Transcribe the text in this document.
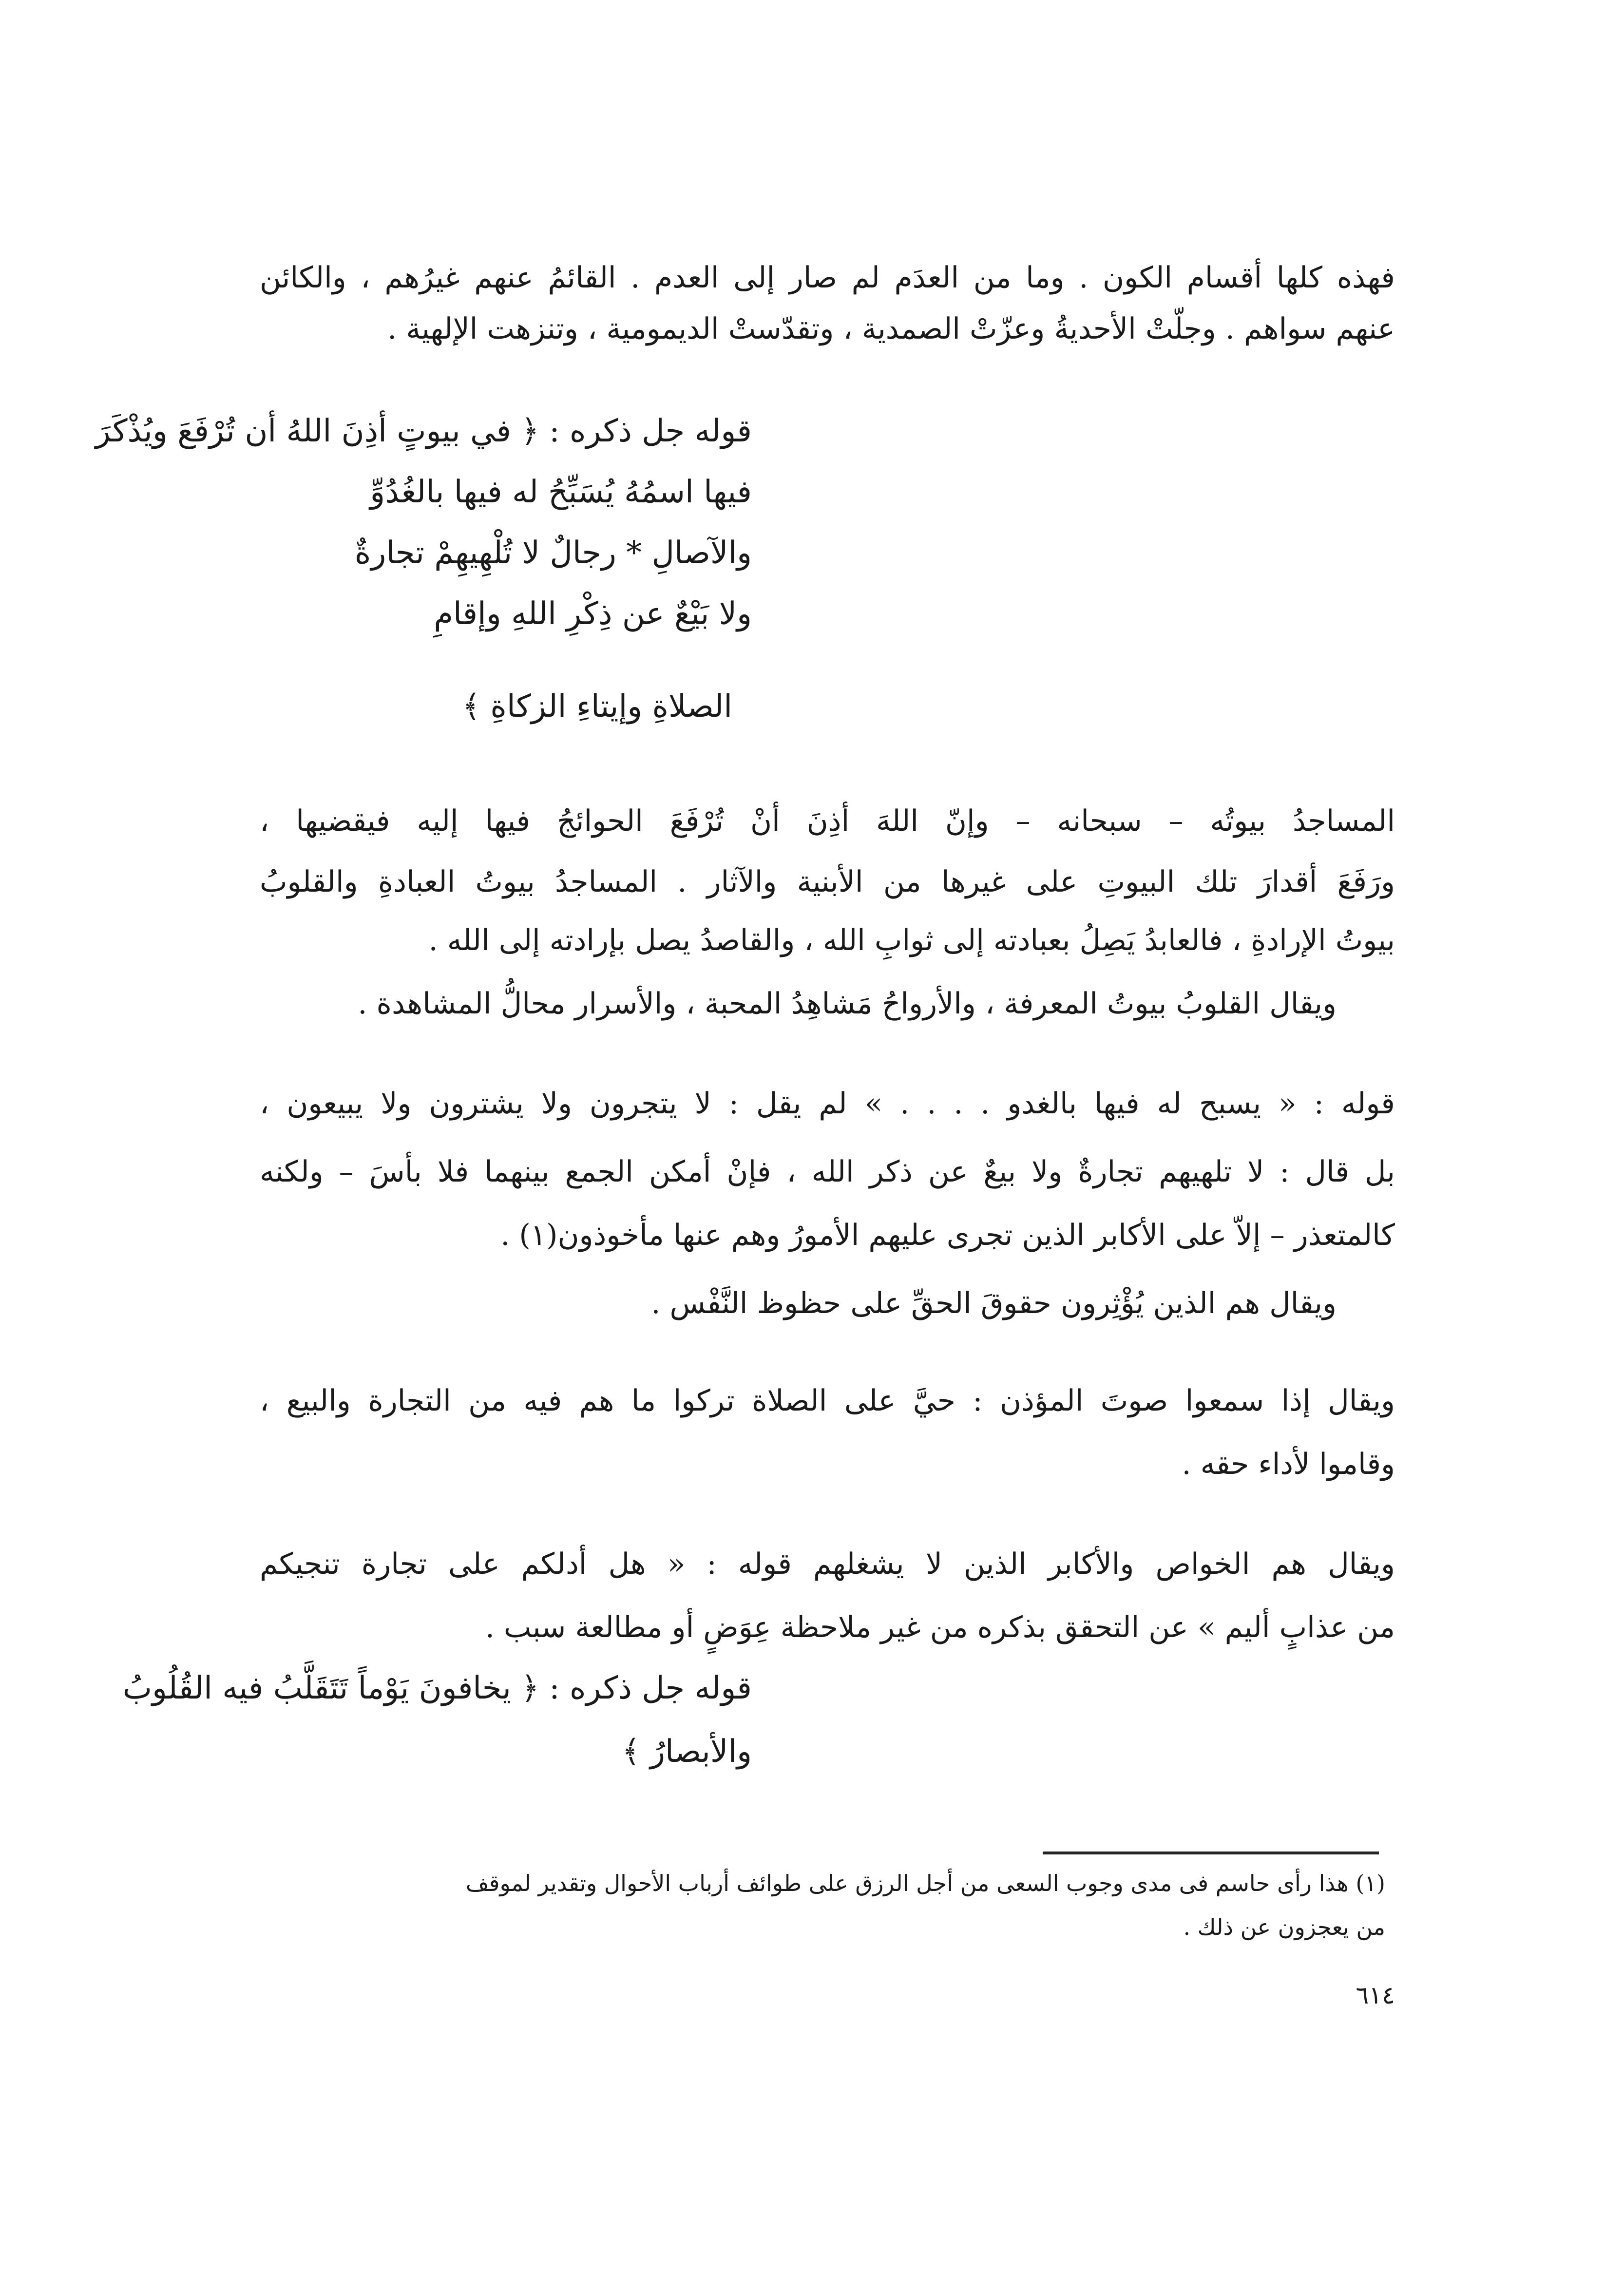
فهذه كلها أقسام الكون . وما من العدَم لم صار إلى العدم . القائمُ عنهم غيرُهم ، والكائن

عنهم سواهم . وجلّتْ الأحديةُ وعزّتْ الصمدية ، وتقدّستْ الديمومية ، وتنزهت الإلهية .

قوله جل ذكره : ﴿ في بيوتٍ أذِنَ اللهُ أن تُرْفَعَ ويُذْكَرَ

فيها اسمُهُ يُسَبِّحُ له فيها بالغُدُوِّ

والآصالِ * رجالٌ لا تُلْهِيهِمْ تجارةٌ

ولا بَيْعٌ عن ذِكْرِ اللهِ وإقامِ

الصلاةِ وإيتاءِ الزكاةِ ﴾

المساجدُ بيوتُه – سبحانه – وإنّ اللهَ أذِنَ أنْ تُرْفَعَ الحوائجُ فيها إليه فيقضيها ،

ورَفَعَ أقدارَ تلك البيوتِ على غيرها من الأبنية والآثار . المساجدُ بيوتُ العبادةِ والقلوبُ

بيوتُ الإرادةِ ، فالعابدُ يَصِلُ بعبادته إلى ثوابِ الله ، والقاصدُ يصل بإرادته إلى الله .

ويقال القلوبُ بيوتُ المعرفة ، والأرواحُ مَشاهِدُ المحبة ، والأسرار محالُّ المشاهدة .

قوله : « يسبح له فيها بالغدو . . . . » لم يقل : لا يتجرون ولا يشترون ولا يبيعون ،

بل قال : لا تلهيهم تجارةٌ ولا بيعٌ عن ذكر الله ، فإنْ أمكن الجمع بينهما فلا بأسَ – ولكنه

كالمتعذر – إلاّ على الأكابر الذين تجرى عليهم الأمورُ وهم عنها مأخوذون(١) .

ويقال هم الذين يُؤْثِرون حقوقَ الحقِّ على حظوظ النَّفْس .

ويقال إذا سمعوا صوتَ المؤذن : حيَّ على الصلاة تركوا ما هم فيه من التجارة والبيع ،

وقاموا لأداء حقه .

ويقال هم الخواص والأكابر الذين لا يشغلهم قوله : « هل أدلكم على تجارة تنجيكم

من عذابٍ أليم » عن التحقق بذكره من غير ملاحظة عِوَضٍ أو مطالعة سبب .

قوله جل ذكره : ﴿ يخافونَ يَوْماً تَتَقَلَّبُ فيه القُلُوبُ

والأبصارُ ﴾

(١) هذا رأى حاسم فى مدى وجوب السعى من أجل الرزق على طوائف أرباب الأحوال وتقدير لموقف

من يعجزون عن ذلك .

٦١٤
